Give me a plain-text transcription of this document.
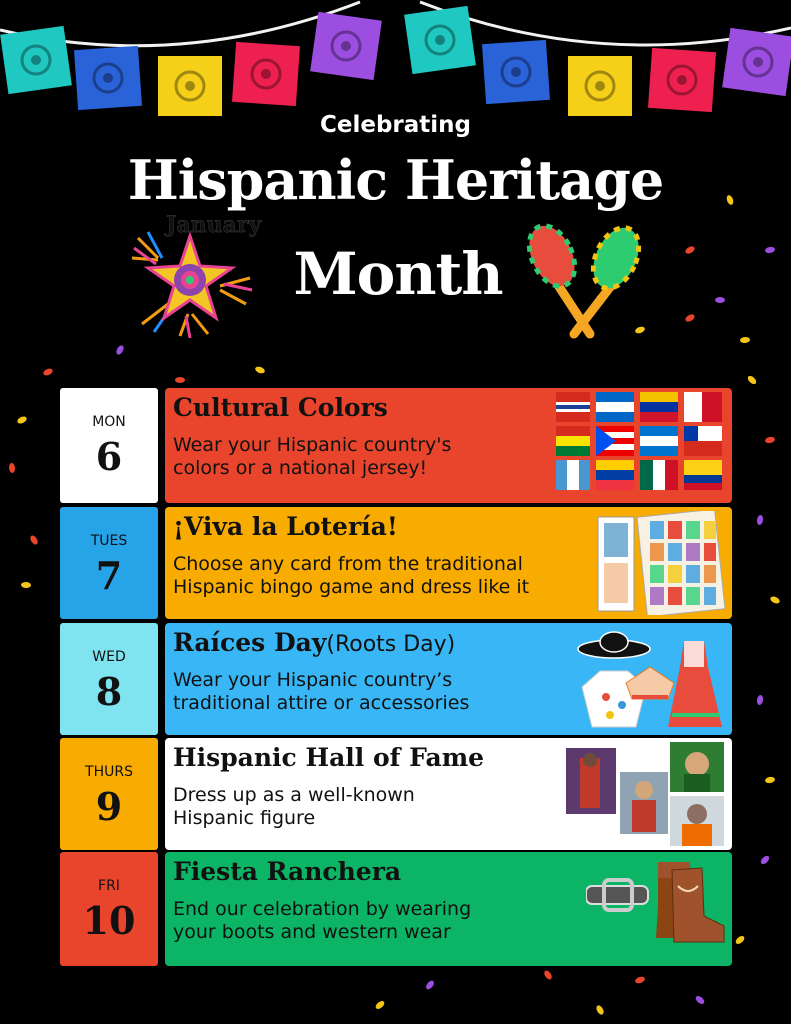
Celebrating
Hispanic Heritage
Month
January
MON
6
Cultural Colors
Wear your Hispanic country's
colors or a national jersey!
TUES
7
¡Viva la Lotería!
Choose any card from the traditional
Hispanic bingo game and dress like it
WED
8
Raíces Day(Roots Day)
Wear your Hispanic country’s
traditional attire or accessories
THURS
9
Hispanic Hall of Fame
Dress up as a well-known
Hispanic figure
FRI
10
Fiesta Ranchera
End our celebration by wearing
your boots and western wear
